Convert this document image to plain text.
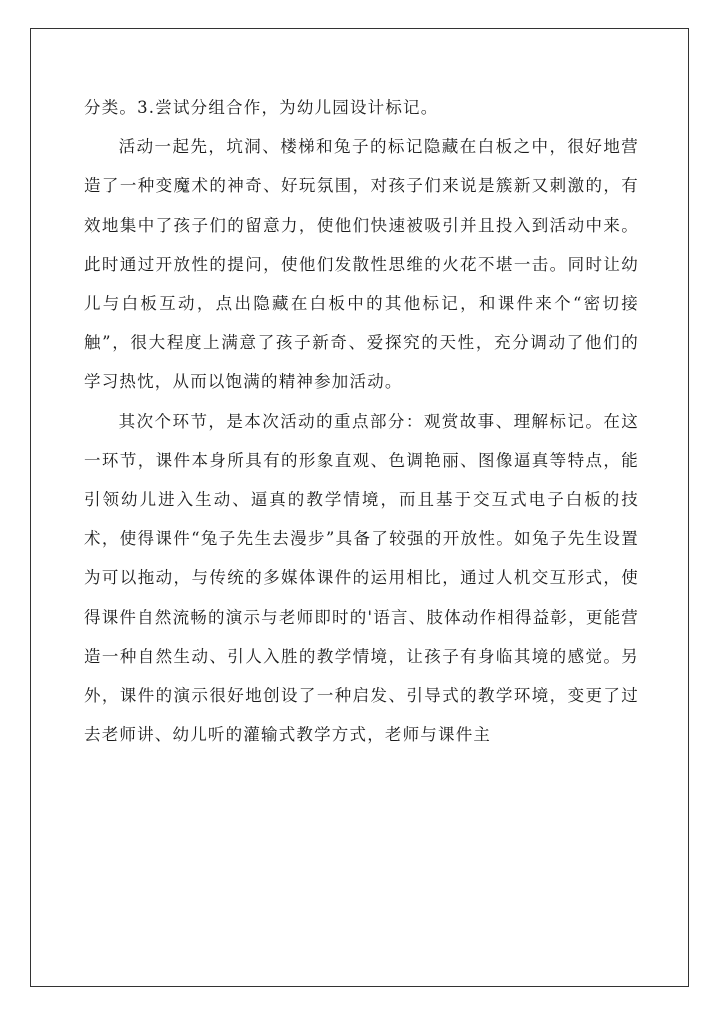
分类。3.尝试分组合作，为幼儿园设计标记。

活动一起先，坑洞、楼梯和兔子的标记隐藏在白板之中，很好地营造了一种变魔术的神奇、好玩氛围，对孩子们来说是簇新又刺激的，有效地集中了孩子们的留意力，使他们快速被吸引并且投入到活动中来。此时通过开放性的提问，使他们发散性思维的火花不堪一击。同时让幼儿与白板互动，点出隐藏在白板中的其他标记，和课件来个“密切接触”，很大程度上满意了孩子新奇、爱探究的天性，充分调动了他们的学习热忱，从而以饱满的精神参加活动。

其次个环节，是本次活动的重点部分：观赏故事、理解标记。在这一环节，课件本身所具有的形象直观、色调艳丽、图像逼真等特点，能引领幼儿进入生动、逼真的教学情境，而且基于交互式电子白板的技术，使得课件“兔子先生去漫步”具备了较强的开放性。如兔子先生设置为可以拖动，与传统的多媒体课件的运用相比，通过人机交互形式，使得课件自然流畅的演示与老师即时的'语言、肢体动作相得益彰，更能营造一种自然生动、引人入胜的教学情境，让孩子有身临其境的感觉。另外，课件的演示很好地创设了一种启发、引导式的教学环境，变更了过去老师讲、幼儿听的灌输式教学方式，老师与课件主
